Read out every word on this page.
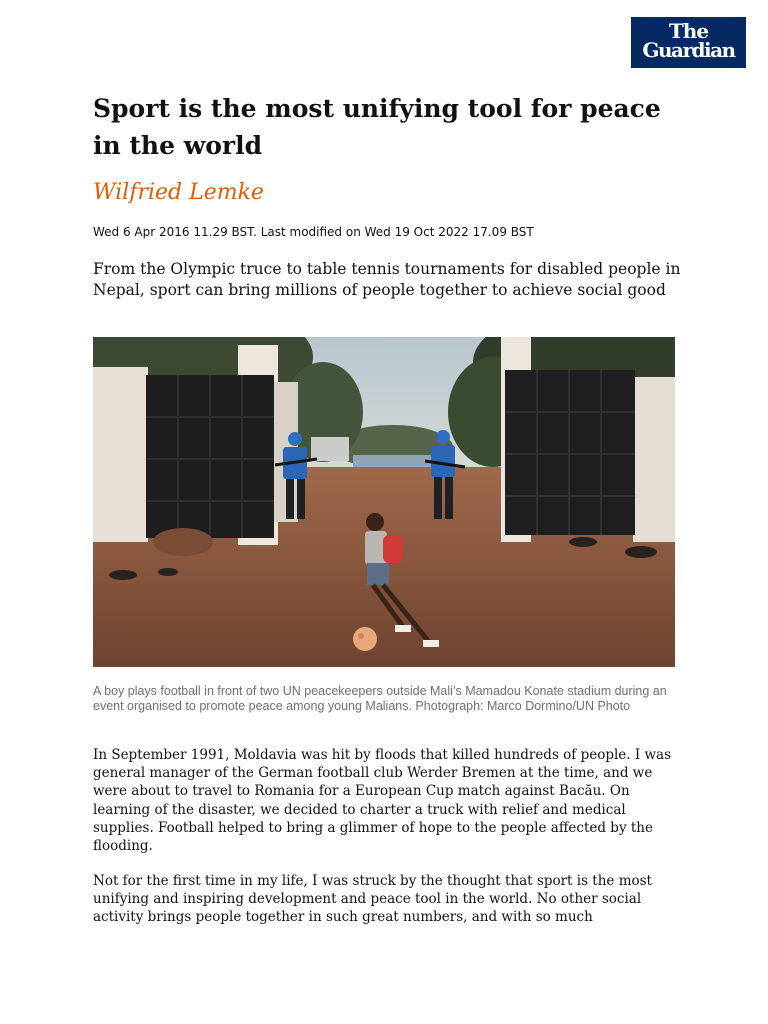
The
Guardian
Sport is the most unifying tool for peace in the world

Wilfried Lemke

Wed 6 Apr 2016 11.29 BST. Last modified on Wed 19 Oct 2022 17.09 BST

From the Olympic truce to table tennis tournaments for disabled people in Nepal, sport can bring millions of people together to achieve social good

A boy plays football in front of two UN peacekeepers outside Mali’s Mamadou Konate stadium during an event organised to promote peace among young Malians. Photograph: Marco Dormino/UN Photo

In September 1991, Moldavia was hit by floods that killed hundreds of people. I was general manager of the German football club Werder Bremen at the time, and we were about to travel to Romania for a European Cup match against Bacău. On learning of the disaster, we decided to charter a truck with relief and medical supplies. Football helped to bring a glimmer of hope to the people affected by the flooding.

Not for the first time in my life, I was struck by the thought that sport is the most unifying and inspiring development and peace tool in the world. No other social activity brings people together in such great numbers, and with so much
